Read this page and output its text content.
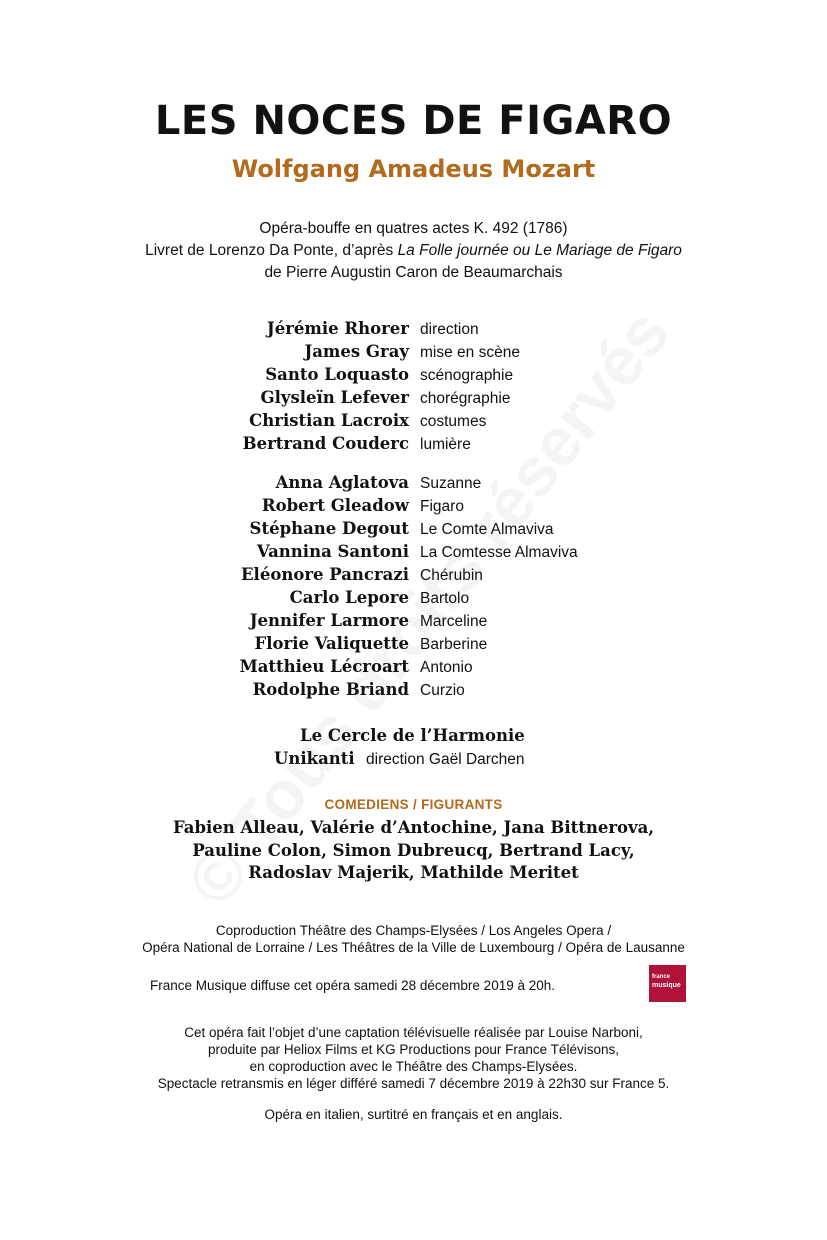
LES NOCES DE FIGARO
Wolfgang Amadeus Mozart
Opéra-bouffe en quatres actes K. 492 (1786)
Livret de Lorenzo Da Ponte, d’après La Folle journée ou Le Mariage de Figaro
de Pierre Augustin Caron de Beaumarchais
Jérémie Rhorer direction
James Gray mise en scène
Santo Loquasto scénographie
Glysleïn Lefever chorégraphie
Christian Lacroix costumes
Bertrand Couderc lumière
Anna Aglatova Suzanne
Robert Gleadow Figaro
Stéphane Degout Le Comte Almaviva
Vannina Santoni La Comtesse Almaviva
Eléonore Pancrazi Chérubin
Carlo Lepore Bartolo
Jennifer Larmore Marceline
Florie Valiquette Barberine
Matthieu Lécroart Antonio
Rodolphe Briand Curzio
Le Cercle de l’Harmonie
Unikanti direction Gaël Darchen
COMEDIENS / FIGURANTS
Fabien Alleau, Valérie d’Antochine, Jana Bittnerova,
Pauline Colon, Simon Dubreucq, Bertrand Lacy,
Radoslav Majerik, Mathilde Meritet
Coproduction Théâtre des Champs-Elysées / Los Angeles Opera /
Opéra National de Lorraine / Les Théâtres de la Ville de Luxembourg / Opéra de Lausanne
France Musique diffuse cet opéra samedi 28 décembre 2019 à 20h.
france
musique
Cet opéra fait l’objet d’une captation télévisuelle réalisée par Louise Narboni,
produite par Heliox Films et KG Productions pour France Télévisons,
en coproduction avec le Théâtre des Champs-Elysées.
Spectacle retransmis en léger différé samedi 7 décembre 2019 à 22h30 sur France 5.
Opéra en italien, surtitré en français et en anglais.
